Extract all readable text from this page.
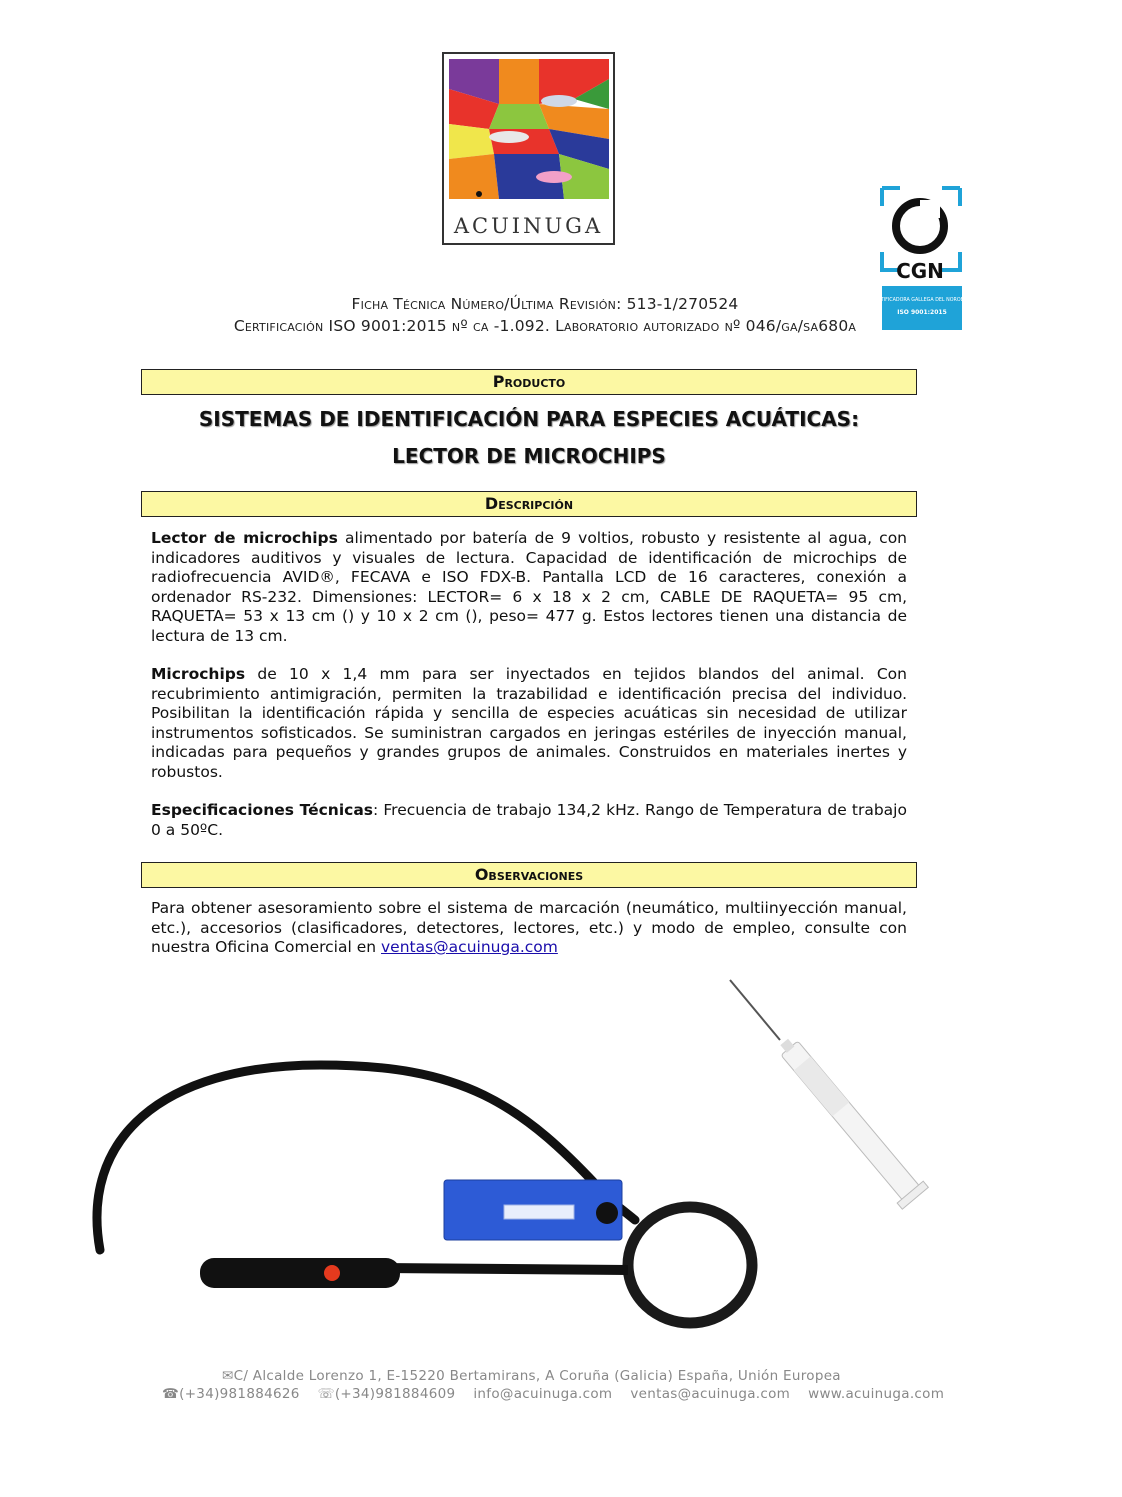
ACUINUGA
CGN
CERTIFICADORA GALLEGA DEL NOROESTE
ISO 9001:2015
Ficha Técnica Número/Última Revisión: 513-1/270524
Certificación ISO 9001:2015 nº ca -1.092. Laboratorio autorizado nº 046/ga/sa680a
Producto
SISTEMAS DE IDENTIFICACIÓN PARA ESPECIES ACUÁTICAS:
LECTOR DE MICROCHIPS
Descripción
Lector de microchips alimentado por batería de 9 voltios, robusto y resistente al agua, con indicadores auditivos y visuales de lectura. Capacidad de identificación de microchips de radiofrecuencia AVID®, FECAVA e ISO FDX-B. Pantalla LCD de 16 caracteres, conexión a ordenador RS-232. Dimensiones: LECTOR= 6 x 18 x 2 cm, CABLE DE RAQUETA= 95 cm, RAQUETA= 53 x 13 cm () y 10 x 2 cm (), peso= 477 g. Estos lectores tienen una distancia de lectura de 13 cm.
Microchips de 10 x 1,4 mm para ser inyectados en tejidos blandos del animal. Con recubrimiento antimigración, permiten la trazabilidad e identificación precisa del individuo. Posibilitan la identificación rápida y sencilla de especies acuáticas sin necesidad de utilizar instrumentos sofisticados. Se suministran cargados en jeringas estériles de inyección manual, indicadas para pequeños y grandes grupos de animales. Construidos en materiales inertes y robustos.
Especificaciones Técnicas: Frecuencia de trabajo 134,2 kHz. Rango de Temperatura de trabajo 0 a 50ºC.
Observaciones
Para obtener asesoramiento sobre el sistema de marcación (neumático, multiinyección manual, etc.), accesorios (clasificadores, detectores, lectores, etc.) y modo de empleo, consulte con nuestra Oficina Comercial en ventas@acuinuga.com
✉C/ Alcalde Lorenzo 1, E-15220 Bertamirans, A Coruña (Galicia) España, Unión Europea
☎(+34)981884626 ☏(+34)981884609 info@acuinuga.com ventas@acuinuga.com www.acuinuga.com
